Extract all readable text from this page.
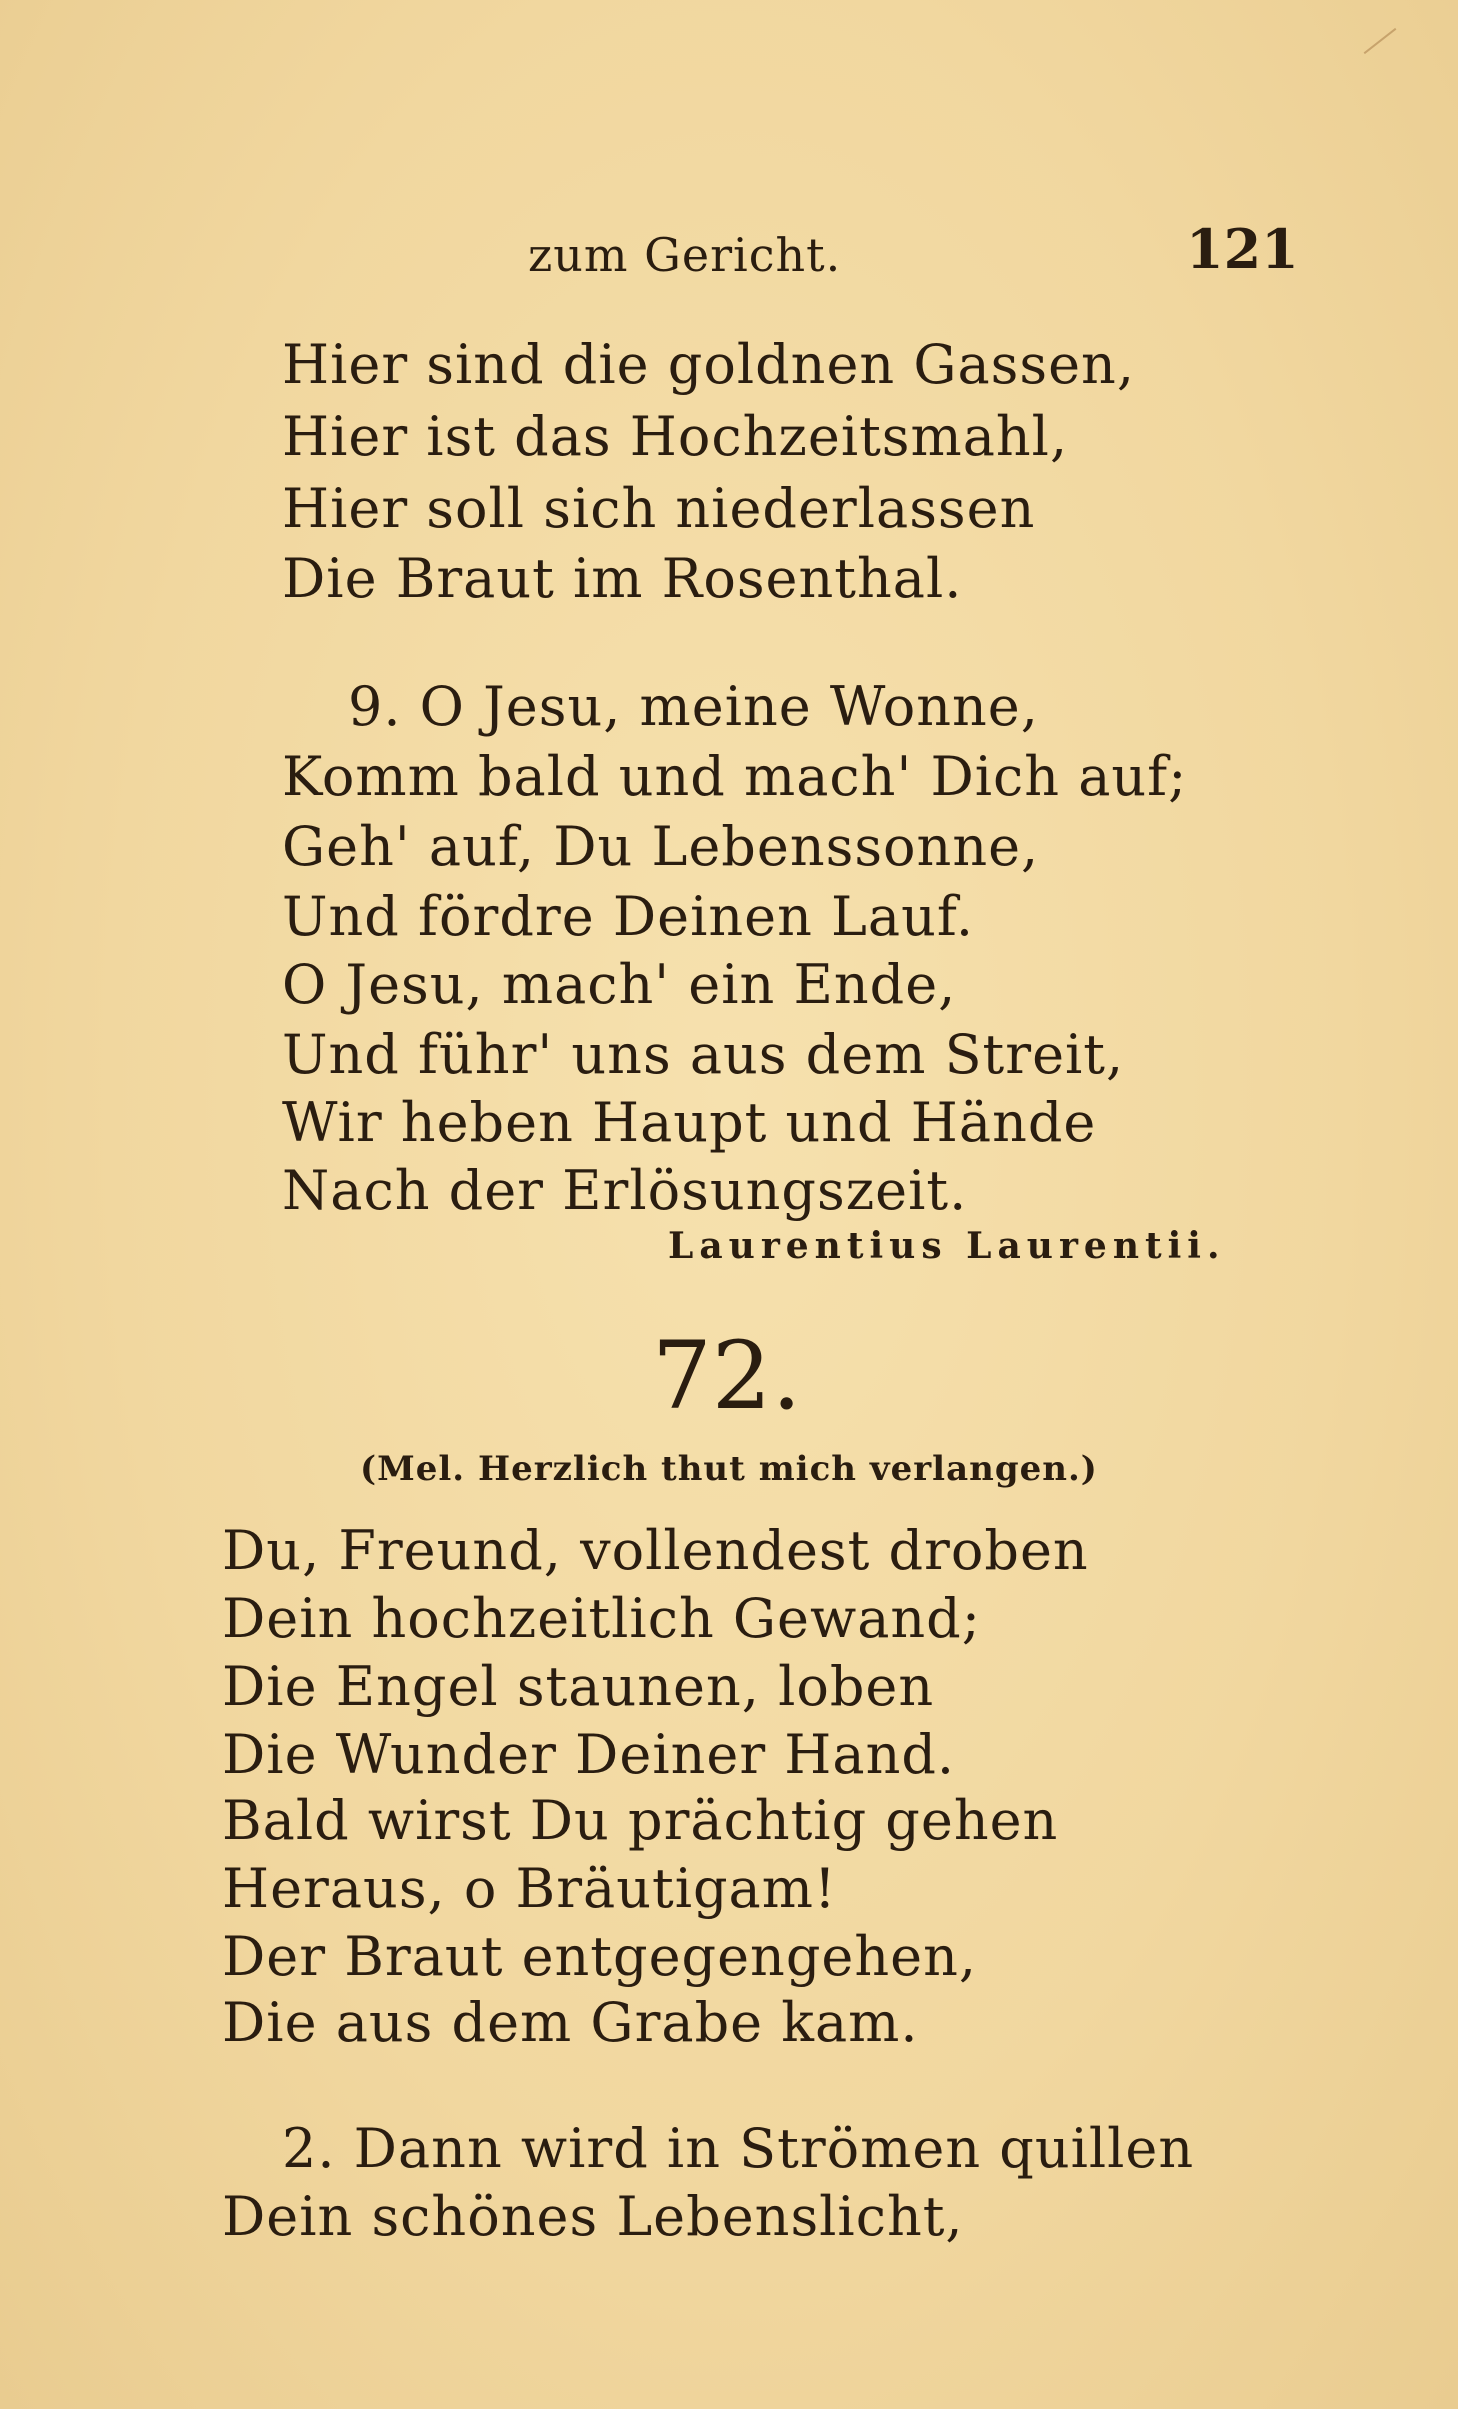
zum Gericht.	121
Hier sind die goldnen Gassen,
Hier ist das Hochzeitsmahl,
Hier soll sich niederlassen
Die Braut im Rosenthal.
9. O Jesu, meine Wonne,
Komm bald und mach' Dich auf;
Geh' auf, Du Lebenssonne,
Und fördre Deinen Lauf.
O Jesu, mach' ein Ende,
Und führ' uns aus dem Streit,
Wir heben Haupt und Hände
Nach der Erlösungszeit.
Laurentius Laurentii.
72.
(Mel. Herzlich thut mich verlangen.)
Du, Freund, vollendest droben
Dein hochzeitlich Gewand;
Die Engel staunen, loben
Die Wunder Deiner Hand.
Bald wirst Du prächtig gehen
Heraus, o Bräutigam!
Der Braut entgegengehen,
Die aus dem Grabe kam.
2. Dann wird in Strömen quillen
Dein schönes Lebenslicht,
